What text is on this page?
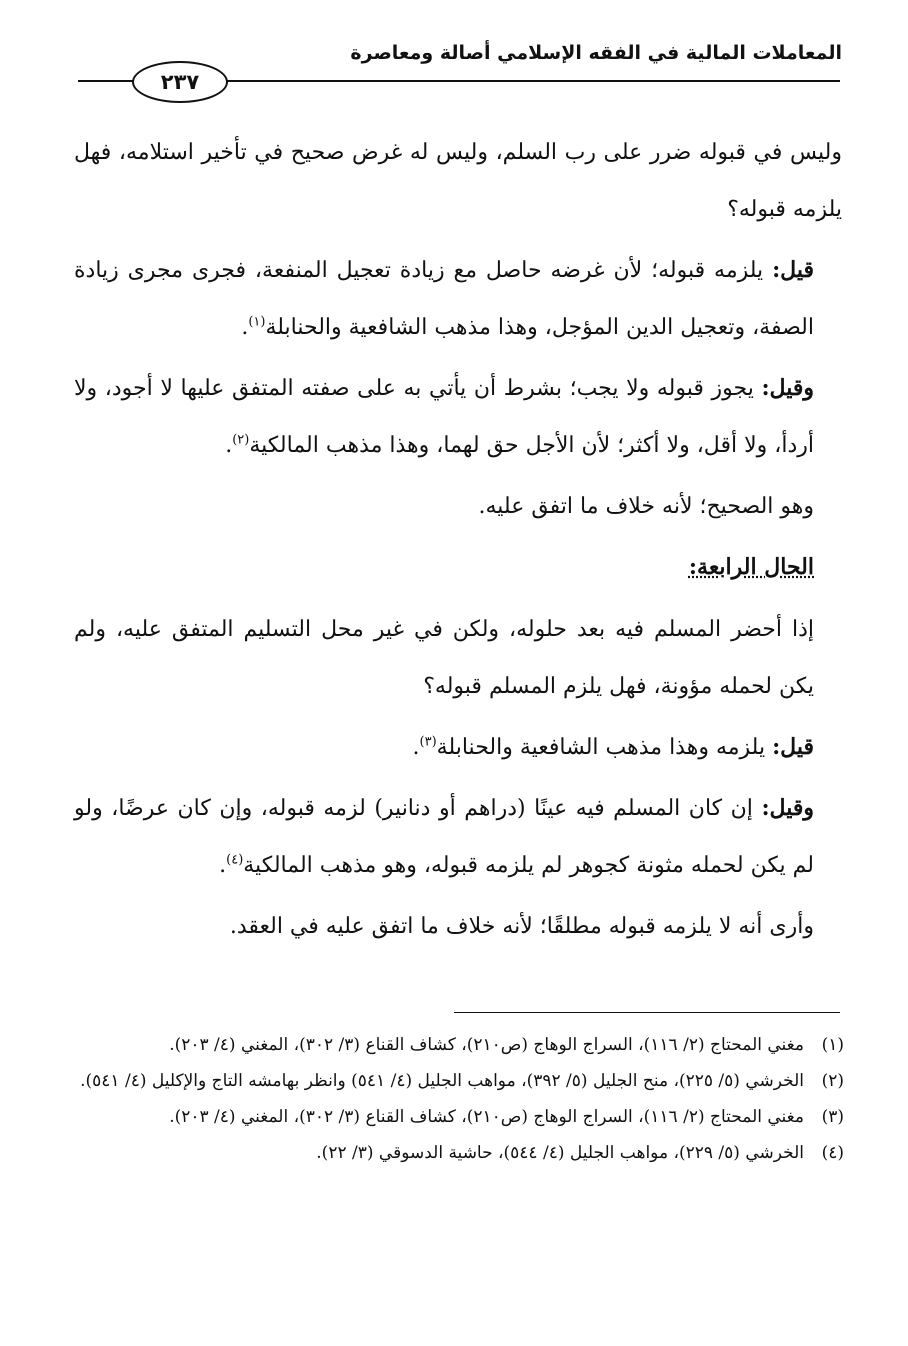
المعاملات المالية في الفقه الإسلامي أصالة ومعاصرة
٢٣٧

وليس في قبوله ضرر على رب السلم، وليس له غرض صحيح في تأخير استلامه، فهل يلزمه قبوله؟

قيل: يلزمه قبوله؛ لأن غرضه حاصل مع زيادة تعجيل المنفعة، فجرى مجرى زيادة الصفة، وتعجيل الدين المؤجل، وهذا مذهب الشافعية والحنابلة$^{(١)}$.

وقيل: يجوز قبوله ولا يجب؛ بشرط أن يأتي به على صفته المتفق عليها لا أجود، ولا أردأ، ولا أقل، ولا أكثر؛ لأن الأجل حق لهما، وهذا مذهب المالكية$^{(٢)}$.

وهو الصحيح؛ لأنه خلاف ما اتفق عليه.

الحال الرابعة:

إذا أحضر المسلم فيه بعد حلوله، ولكن في غير محل التسليم المتفق عليه، ولم يكن لحمله مؤونة، فهل يلزم المسلم قبوله؟

قيل: يلزمه وهذا مذهب الشافعية والحنابلة$^{(٣)}$.

وقيل: إن كان المسلم فيه عينًا (دراهم أو دنانير) لزمه قبوله، وإن كان عرضًا، ولو لم يكن لحمله مثونة كجوهر لم يلزمه قبوله، وهو مذهب المالكية$^{(٤)}$.

وأرى أنه لا يلزمه قبوله مطلقًا؛ لأنه خلاف ما اتفق عليه في العقد.

(١)
مغني المحتاج (٢/ ١١٦)، السراج الوهاج (ص٢١٠)، كشاف القناع (٣/ ٣٠٢)، المغني (٤/ ٢٠٣).
(٢)
الخرشي (٥/ ٢٢٥)، منح الجليل (٥/ ٣٩٢)، مواهب الجليل (٤/ ٥٤١) وانظر بهامشه التاج والإكليل (٤/ ٥٤١).
(٣)
مغني المحتاج (٢/ ١١٦)، السراج الوهاج (ص٢١٠)، كشاف القناع (٣/ ٣٠٢)، المغني (٤/ ٢٠٣).
(٤)
الخرشي (٥/ ٢٢٩)، مواهب الجليل (٤/ ٥٤٤)، حاشية الدسوقي (٣/ ٢٢).
